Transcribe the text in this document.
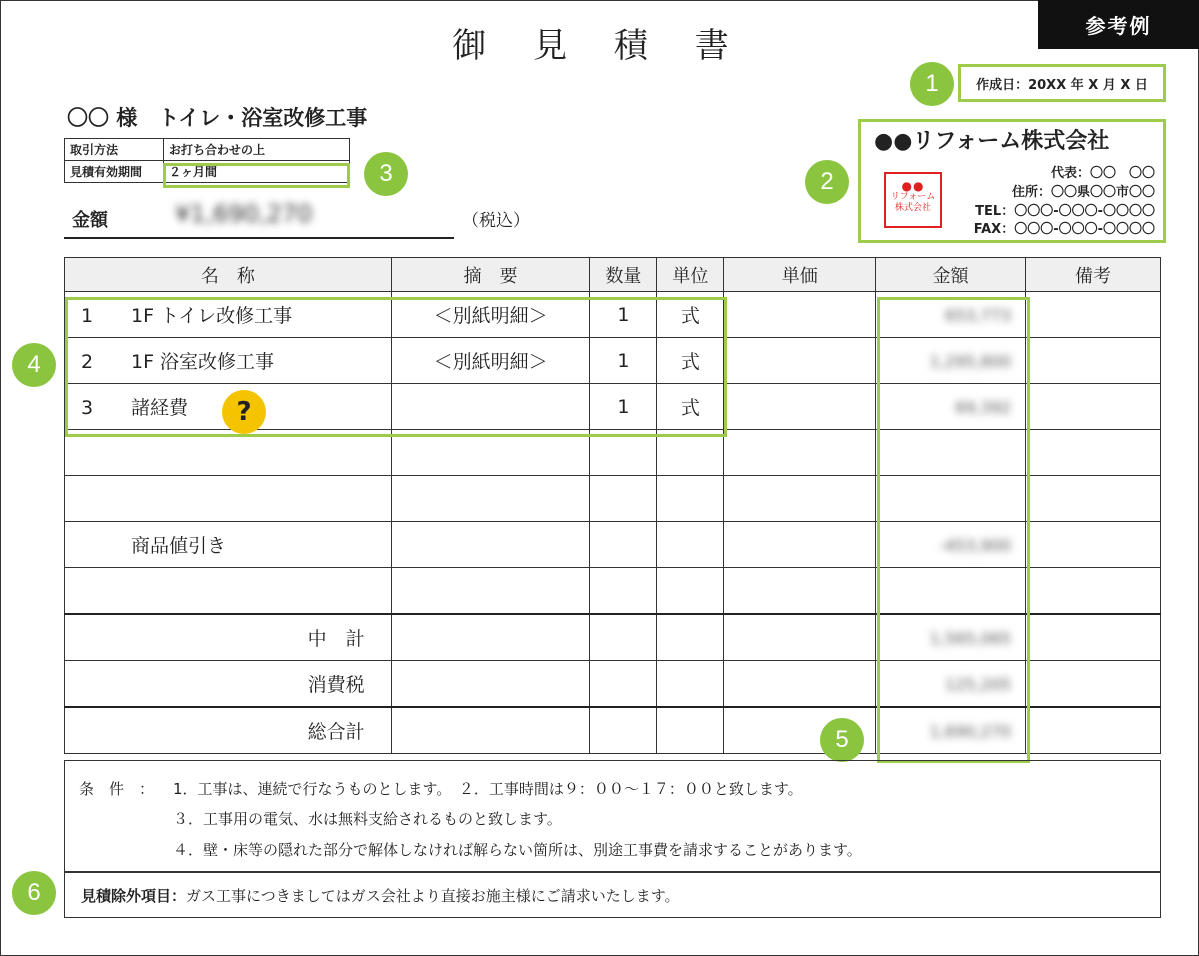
参考例
御 見 積 書
1	作成日：20XX 年 X 月 X 日
2
●●リフォーム株式会社
●●
リフォーム
株式会社
代表：〇〇　〇〇
住所：〇〇県〇〇市〇〇
TEL：〇〇〇-〇〇〇-〇〇〇〇
FAX：〇〇〇-〇〇〇-〇〇〇〇
〇〇 様　トイレ・浴室改修工事
取引方法	お打ち合わせの上
見積有効期間	２ヶ月間	3
金額	¥1,690,270	（税込）
名　称	摘　要	数量	単位	単価	金額	備考
1 1F トイレ改修工事	＜別紙明細＞	1	式		653,773	
2 1F 浴室改修工事	＜別紙明細＞	1	式		1,295,800	
3 諸経費		1	式		69,392	

商品値引き					-453,900	

中　計					1,565,065	
消費税					125,205	
総合計					1,690,270	
4
5
?
条　件　： 1．工事は、連続で行なうものとします。　２．工事時間は９：００～１７：００と致します。
３．工事用の電気、水は無料支給されるものと致します。
４．壁・床等の隠れた部分で解体しなければ解らない箇所は、別途工事費を請求することがあります。
見積除外項目： ガス工事につきましてはガス会社より直接お施主様にご請求いたします。
6
